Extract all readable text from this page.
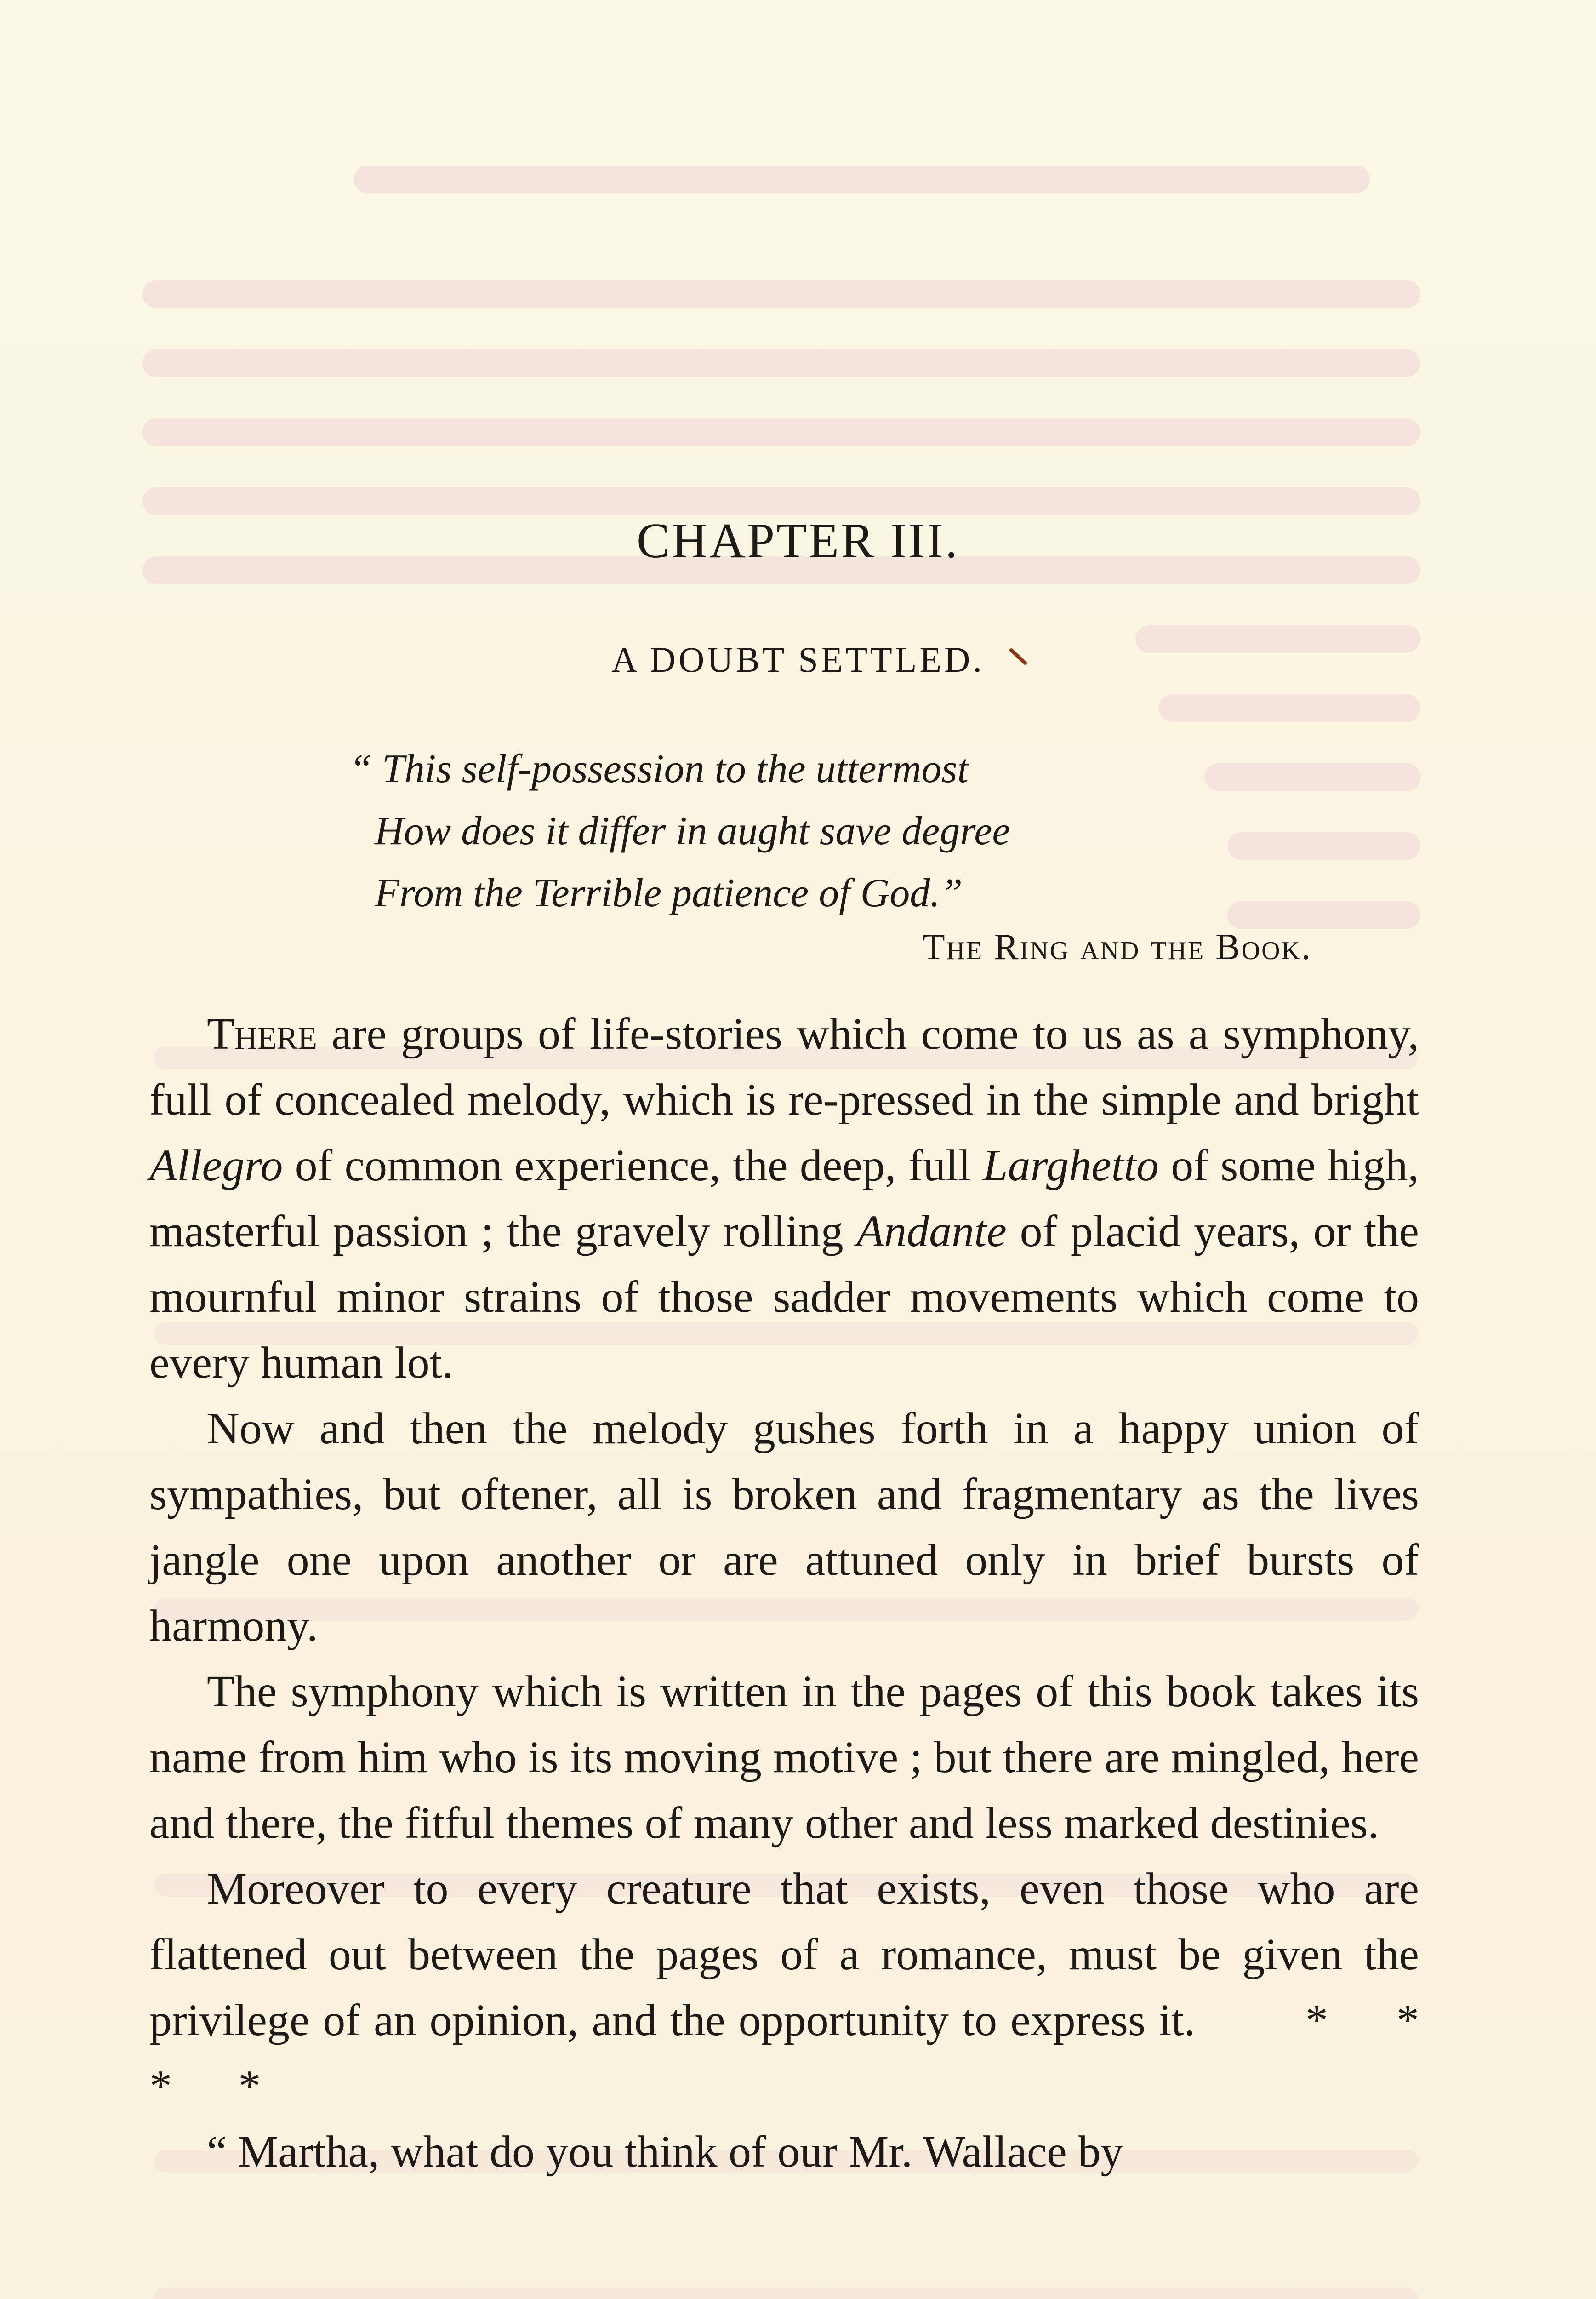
CHAPTER III.
A DOUBT SETTLED.
“ This self-possession to the uttermost
How does it differ in aught save degree
From the Terrible patience of God.”
The Ring and the Book.

There are groups of life-stories which come to us as a symphony, full of concealed melody, which is re-pressed in the simple and bright Allegro of common experience, the deep, full Larghetto of some high, masterful passion ; the gravely rolling Andante of placid years, or the mournful minor strains of those sadder movements which come to every human lot.

Now and then the melody gushes forth in a happy union of sympathies, but oftener, all is broken and fragmentary as the lives jangle one upon another or are attuned only in brief bursts of harmony.

The symphony which is written in the pages of this book takes its name from him who is its moving motive ; but there are mingled, here and there, the fitful themes of many other and less marked destinies.

Moreover to every creature that exists, even those who are flattened out between the pages of a romance, must be given the privilege of an opinion, and the opportunity to express it. * * * *

“ Martha, what do you think of our Mr. Wallace by
